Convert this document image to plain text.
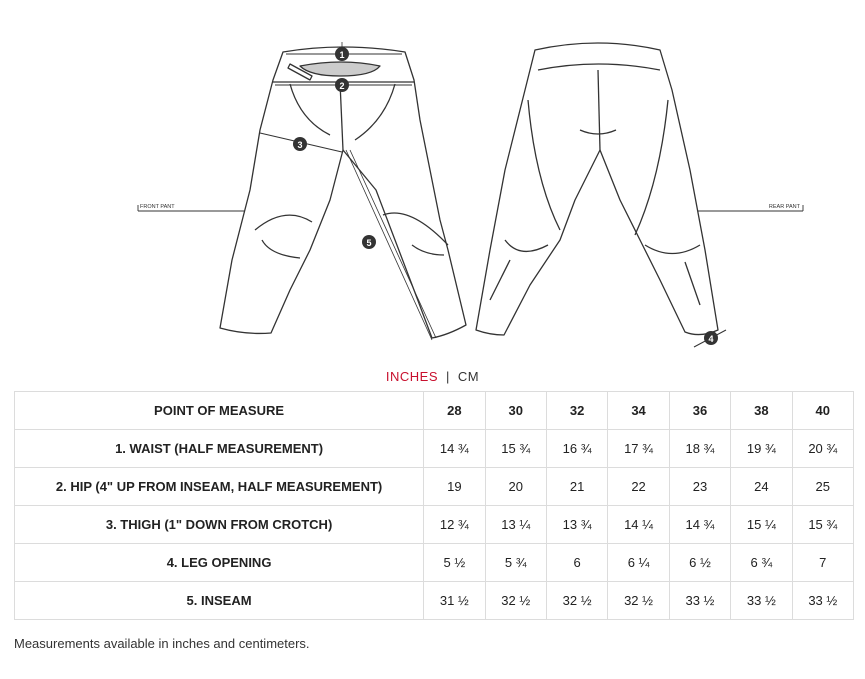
1
2
3
4
5
FRONT PANT	REAR PANT
INCHES | CM
POINT OF MEASURE	28	30	32	34	36	38	40
1. WAIST (HALF MEASUREMENT)	14 ¾	15 ¾	16 ¾	17 ¾	18 ¾	19 ¾	20 ¾
2. HIP (4" UP FROM INSEAM, HALF MEASUREMENT)	19	20	21	22	23	24	25
3. THIGH (1" DOWN FROM CROTCH)	12 ¾	13 ¼	13 ¾	14 ¼	14 ¾	15 ¼	15 ¾
4. LEG OPENING	5 ½	5 ¾	6	6 ¼	6 ½	6 ¾	7
5. INSEAM	31 ½	32 ½	32 ½	32 ½	33 ½	33 ½	33 ½
Measurements available in inches and centimeters.
